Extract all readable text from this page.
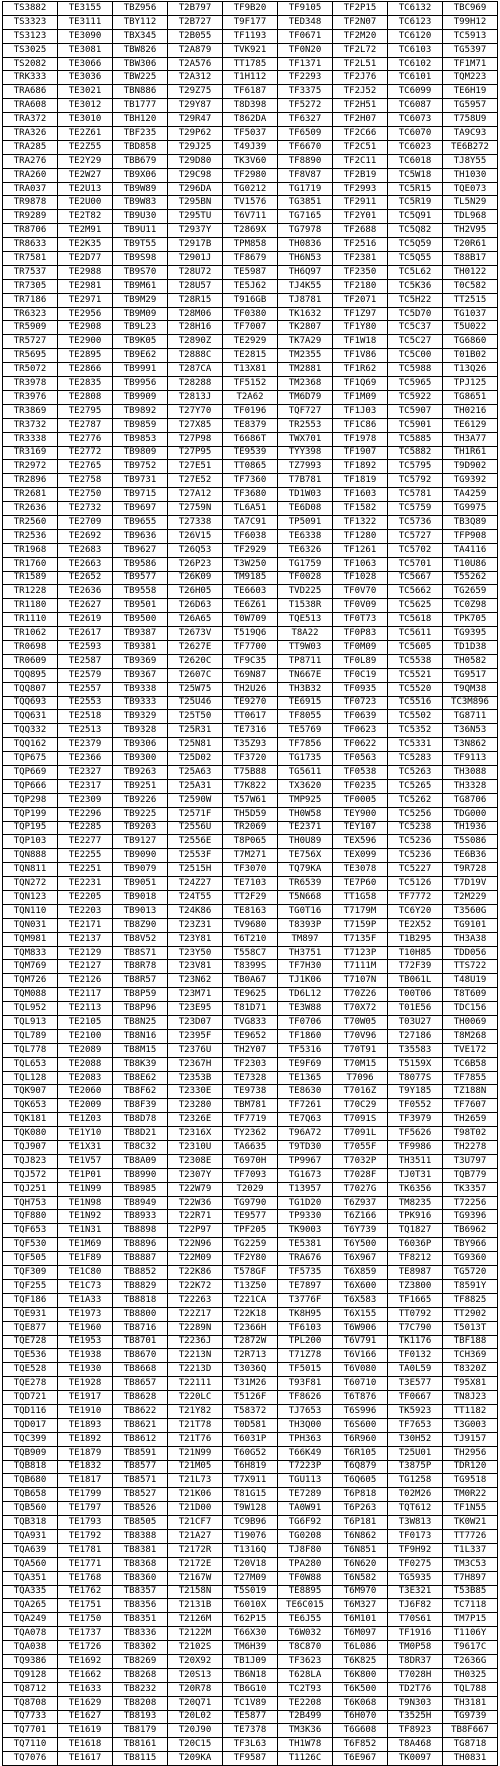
TS3882	TE3155	TBZ956	T2B797	TF9B20	TF9105	TF2P15	TC6132	TBC969
TS3323	TE3111	TBY112	T2B727	T9F177	TED348	TF2N07	TC6123	T99H12
TS3123	TE3090	TBX345	T2B055	TF1193	TF0671	TF2M20	TC6120	TC5913
TS3025	TE3081	TBW826	T2A879	TVK921	TF0N20	TF2L72	TC6103	TG5397
TS2082	TE3066	TBW306	T2A576	TT1785	TF1371	TF2L51	TC6102	TF1M71
TRK333	TE3036	TBW225	T2A312	T1H112	TF2293	TF2J76	TC6101	TQM223
TRA686	TE3021	TBN886	T29Z75	TF6187	TF3375	TF2J52	TC6099	TE6H19
TRA608	TE3012	TB1777	T29Y87	T8D398	TF5272	TF2H51	TC6087	TG5957
TRA372	TE3010	TBH120	T29R47	T862DA	TF6327	TF2H07	TC6073	T758U9
TRA326	TE2Z61	TBF235	T29P62	TF5037	TF6509	TF2C66	TC6070	TA9C93
TRA285	TE2Z55	TBD858	T29J25	T49J39	TF6670	TF2C51	TC6023	TE6B272
TRA276	TE2Y29	TBB679	T29D80	TK3V60	TF8890	TF2C11	TC6018	TJ8Y55
TRA260	TE2W27	TB9X06	T29C98	TF2980	TF8V87	TF2B19	TC5W18	TH1030
TRA037	TE2U13	TB9W89	T296DA	TG0212	TG1719	TF2993	TC5R15	TQE073
TR9878	TE2U00	TB9W83	T295BN	TV1576	TG3851	TF2911	TC5R19	TL5N29
TR9289	TE2T82	TB9U30	T295TU	T6V711	TG7165	TF2Y01	TC5Q91	TDL968
TR8706	TE2M91	TB9U11	T2937Y	T2869X	TG7978	TF2688	TC5Q82	TH2V95
TR8633	TE2K35	TB9T55	T2917B	TPM858	TH0836	TF2516	TC5Q59	T20R61
TR7581	TE2D77	TB9S98	T2901J	TF8679	TH6N53	TF2381	TC5Q55	T88B17
TR7537	TE2988	TB9S70	T28U72	TE5987	TH6Q97	TF2350	TC5L62	TH0122
TR7305	TE2981	TB9M61	T28U57	TE5J62	TJ4K55	TF2180	TC5K36	T0C582
TR7186	TE2971	TB9M29	T28R15	T916GB	TJ8781	TF2071	TC5H22	TT2515
TR6323	TE2956	TB9M09	T28M06	TF0380	TK1632	TF1Z97	TC5D70	TG1037
TR5909	TE2908	TB9L23	T28H16	TF7007	TK2807	TF1Y80	TC5C37	T5U022
TR5727	TE2900	TB9K05	T2890Z	TE2929	TK7A29	TF1W18	TC5C27	TG6860
TR5695	TE2895	TB9E62	T2888C	TE2815	TM2355	TF1V86	TC5C00	T01B02
TR5072	TE2866	TB9991	T287CA	T13X81	TM2881	TF1R62	TC5988	T13Q26
TR3978	TE2835	TB9956	T28288	TF5152	TM2368	TF1Q69	TC5965	TPJ125
TR3976	TE2808	TB9909	T2813J	T2A62	TM6D79	TF1M09	TC5922	TG8651
TR3869	TE2795	TB9892	T27Y70	TF0196	TQF727	TF1J03	TC5907	TH0216
TR3732	TE2787	TB9859	T27X85	TE8379	TR2553	TF1C86	TC5901	TE6129
TR3338	TE2776	TB9853	T27P98	T6686T	TWX701	TF1978	TC5885	TH3A77
TR3169	TE2772	TB9809	T27P95	TE9539	TYY398	TF1907	TC5882	TH1R61
TR2972	TE2765	TB9752	T27E51	TT0865	TZ7993	TF1892	TC5795	T9D902
TR2896	TE2758	TB9731	T27E52	TF7360	T7B781	TF1819	TC5792	TG9392
TR2681	TE2750	TB9715	T27A12	TF3680	TD1W03	TF1603	TC5781	TA4259
TR2636	TE2732	TB9697	T2759N	TL6A51	TE6D08	TF1582	TC5759	TG9975
TR2560	TE2709	TB9655	T27338	TA7C91	TP5091	TF1322	TC5736	TB3Q89
TR2536	TE2692	TB9636	T26V15	TF6038	TE6338	TF1280	TC5727	TFP908
TR1968	TE2683	TB9627	T26Q53	TF2929	TE6326	TF1261	TC5702	TA4116
TR1760	TE2663	TB9586	T26P23	T3W250	TG1759	TF1063	TC5701	T10U86
TR1589	TE2652	TB9577	T26K09	TM9185	TF0028	TF1028	TC5667	T55262
TR1228	TE2636	TB9558	T26H05	TE6603	TVD225	TF0V70	TC5662	TG2659
TR1180	TE2627	TB9501	T26D63	TE6Z61	T1538R	TF0V09	TC5625	TC0Z98
TR1110	TE2619	TB9500	T26A65	T0W709	TQE513	TF0T73	TC5618	TPK705
TR1062	TE2617	TB9387	T2673V	T519Q6	T8A22	TF0P83	TC5611	TG9395
TR0698	TE2593	TB9381	T2627E	TF7700	TT9W03	TF0M09	TC5605	TD1D38
TR0609	TE2587	TB9369	T2620C	TF9C35	TP8711	TF0L89	TC5538	TH0582
TQQ895	TE2579	TB9367	T2607C	T69N87	TN667E	TF0C19	TC5521	TG9517
TQQ807	TE2557	TB9338	T25W75	TH2U26	TH3B32	TF0935	TC5520	T9QM38
TQQ693	TE2553	TB9333	T25U46	TE9270	TE6915	TF0723	TC5516	TC3M896
TQQ631	TE2518	TB9329	T25T50	TT0617	TF8055	TF0639	TC5502	TG8711
TQQ332	TE2513	TB9328	T25R31	TE7316	TE5769	TF0623	TC5352	T36N53
TQQ162	TE2379	TB9306	T25N81	T35Z93	TF7856	TF0622	TC5331	T3N862
TQP675	TE2366	TB9300	T25D02	TF3720	TG1735	TF0563	TC5283	TF9113
TQP669	TE2327	TB9263	T25A63	T75B88	TG5611	TF0538	TC5263	TH3088
TQP666	TE2317	TB9251	T25A31	T7K822	TX3620	TF0235	TC5265	TH3328
TQP298	TE2309	TB9226	T2590W	T57W61	TMP925	TF0005	TC5262	TG8706
TQP199	TE2296	TB9225	T2571F	TH5D59	TH0W58	TEY900	TC5256	TDG000
TQP195	TE2285	TB9203	T2556U	TR2069	TE2371	TEY107	TC5238	TH1936
TQP103	TE2277	TB9127	T2556E	T8P065	TH0U89	TEX596	TC5236	T5S086
TQN888	TE2255	TB9090	T2553F	T7M271	TE756X	TEX099	TC5236	TE6B36
TQN811	TE2251	TB9079	T2515H	TF3070	TQ79KA	TE3078	TC5227	T9R728
TQN272	TE2231	TB9051	T24Z27	TE7103	TR6539	TE7P60	TC5126	T7D19V
TQN123	TE2205	TB9018	T24T55	TT2F29	T5N668	TT1G58	TF7772	T2M229
TQN110	TE2203	TB9013	T24K86	TE8163	TG0T16	T7179M	TC6Y20	T3560G
TQN031	TE2171	TB8Z90	T23Z31	TV9680	T8393P	T7159P	TE2X52	TG9101
TQM981	TE2137	TB8V52	T23Y81	T6T210	TM897	T7135F	T1B295	TH3A38
TQM833	TE2129	TB8S71	T23Y50	T558C7	TH3751	T7123P	T10H85	TDD056
TQM769	TE2127	TB8R78	T23V81	T8399S	TF7H30	T7111M	T72F39	TTS722
TQM726	TE2126	TB8R57	T23N62	TB0A67	TJ1K06	T7107N	TB061L	T48U19
TQM088	TE2117	TB8P59	T23M71	TE9625	TD6L12	T70Z26	T00T06	T8T609
TQL952	TE2113	TB8P96	T23E95	T81D71	TE3W88	T70X72	T01E56	TDC156
TQL913	TE2105	TB8N25	T23D07	TVG833	TF0706	T70W05	T03U27	TH0069
TQL789	TE2100	TB8N16	T2395F	TE9652	TF1860	T70V96	T27186	T8M268
TQL778	TE2089	TB8M15	T2376U	TH2Y07	TF5316	T70T91	T35583	TVE172
TQL653	TE2088	TB8K39	T2367H	TF2303	TE9F69	T70M15	T5159X	TC6B58
TQL128	TE2083	TB8E62	T2353B	TE7328	TE1365	T7096	T8077S	TF7855
TQK907	TE2060	TB8F62	T2330E	TE9738	TE8630	T7016Z	T9Y185	TZ188N
TQK653	TE2009	TB8F39	T23280	TBM781	TF7261	T70C29	TF0552	TF7607
TQK181	TE1Z03	TB8D78	T2326E	TF7719	TE7Q63	T7091S	TF3979	TH2659
TQK080	TE1Y10	TB8D21	T2316X	TY2362	T96A72	T7091L	TF5626	T98T02
TQJ907	TE1X31	TB8C32	T2310U	TA6635	T9TD30	T7055F	TF9986	TH2278
TQJ823	TE1V57	TB8A09	T2308E	T6970H	TP9967	T7032P	TH3511	T3U797
TQJ572	TE1P01	TB8990	T2307Y	TF7093	TG1673	T7028F	TJ0T31	TQB779
TQJ251	TE1N99	TB8985	T22W79	T2029	T13957	T7027G	TK6356	TK3357
TQH753	TE1N98	TB8949	T22W36	TG9790	TG1D20	T6Z937	TM8235	T72256
TQF880	TE1N92	TB8933	T22R71	TE9577	TP9330	T6Z166	TPK916	TG9396
TQF653	TE1N31	TB8898	T22P97	TPF205	TK9003	T6Y739	TQ1827	TB6962
TQF530	TE1M69	TB8896	T22N96	TG2259	TE5381	T6Y500	T6036P	TBY966
TQF505	TE1F89	TB8887	T22M09	TF2Y80	TRA676	T6X967	TF8212	TG9360
TQF309	TE1C80	TB8852	T22K86	T578GF	TF5735	T6X859	TE8987	TG5720
TQF255	TE1C73	TB8829	T22K72	T13Z50	TE7897	T6X600	TZ3800	T8591Y
TQF186	TE1A33	TB8818	T22263	T221CA	T3776F	T6X583	TF1665	TF8825
TQE931	TE1973	TB8800	T22Z17	T22K18	TK8H95	T6X155	TT0792	TT2902
TQE877	TE1960	TB8716	T2289N	T2366H	TF6103	T6W906	T7C790	T5013T
TQE728	TE1953	TB8701	T2236J	T2872W	TPL200	T6V791	TK1176	TBF188
TQE536	TE1938	TB8670	T2213N	T2R713	T71Z78	T6V166	TF0132	TCH369
TQE528	TE1930	TB8668	T2213D	T3036Q	TF5015	T6V080	TA0L59	T8320Z
TQE278	TE1928	TB8657	T22111	T31M26	T93F81	T60710	T3E577	T95X81
TQD721	TE1917	TB8628	T220LC	T5126F	TF8626	T6T876	TF0667	TN8J23
TQD116	TE1910	TB8622	T21Y82	T58372	TJ7653	T6S996	TK5923	TT1182
TQD017	TE1893	TB8621	T21T78	T0D581	TH3Q00	T6S600	TF7653	T3G003
TQC399	TE1892	TB8612	T21T76	T6031P	TPH363	T6R960	T30H52	TJ9157
TQB909	TE1879	TB8591	T21N99	T60G52	T66K49	T6R105	T25U01	TH2956
TQB818	TE1832	TB8577	T21M05	T6H819	T7223P	T6Q879	T3875P	TDR120
TQB680	TE1817	TB8571	T21L73	T7X911	TGU113	T6Q605	TG1258	TG9518
TQB658	TE1799	TB8527	T21K06	T81G15	TE7289	T6P818	T02M26	TM0R22
TQB560	TE1797	TB8526	T21D00	T9W128	TA0W91	T6P263	TQT612	TF1N55
TQB318	TE1793	TB8505	T21CF7	TC9B96	TG6F92	T6P181	T3W813	TK0W21
TQA931	TE1792	TB8388	T21A27	T19076	TG0208	T6N862	TF0173	TT7726
TQA639	TE1781	TB8381	T2172R	T1316Q	TJ8F80	T6N851	TF9H92	T1L337
TQA560	TE1771	TB8368	T2172E	T20V18	TPA280	T6N620	TF0275	TM3C53
TQA351	TE1768	TB8360	T2167W	T27M09	TF0W88	T6N582	TG5935	T7H897
TQA335	TE1762	TB8357	T2158N	T5S019	TE8895	T6M970	T3E321	T53B85
TQA265	TE1751	TB8356	T2131B	T6010X	TE6C015	T6M327	TJ6F82	TC7118
TQA249	TE1750	TB8351	T2126M	T62P15	TE6J55	T6M101	T70S61	TM7P15
TQA078	TE1737	TB8336	T2122M	T66X30	T6W032	T6M097	TF1916	T1106Y
TQA038	TE1726	TB8302	T2102S	TM6H39	T8C870	T6L086	TM0P58	T9617C
TQ9386	TE1692	TB8269	T20X92	TB1J09	TF3623	T6K825	T8DR37	T2636G
TQ9128	TE1662	TB8268	T20S13	TB6N18	T628LA	T6K800	T7028H	TH0325
TQ8712	TE1633	TB8232	T20R78	TB6G10	TC2T93	T6K500	TD2T76	TQL788
TQ8708	TE1629	TB8208	T20Q71	TC1V89	TE2208	T6K068	T9N303	TH3181
TQ7733	TE1627	TB8193	T20L02	TE5877	T2B499	T6H070	T3525H	TG9739
TQ7701	TE1619	TB8179	T20J90	TE7378	TM3K36	T6G608	TF8923	TB8F667
TQ7110	TE1618	TB8161	T20C15	TF3L63	TH1W78	T6F852	T8A468	TG8718
TQ7076	TE1617	TB8115	T209KA	TF9587	T1126C	T6E967	TK0097	TH0831
